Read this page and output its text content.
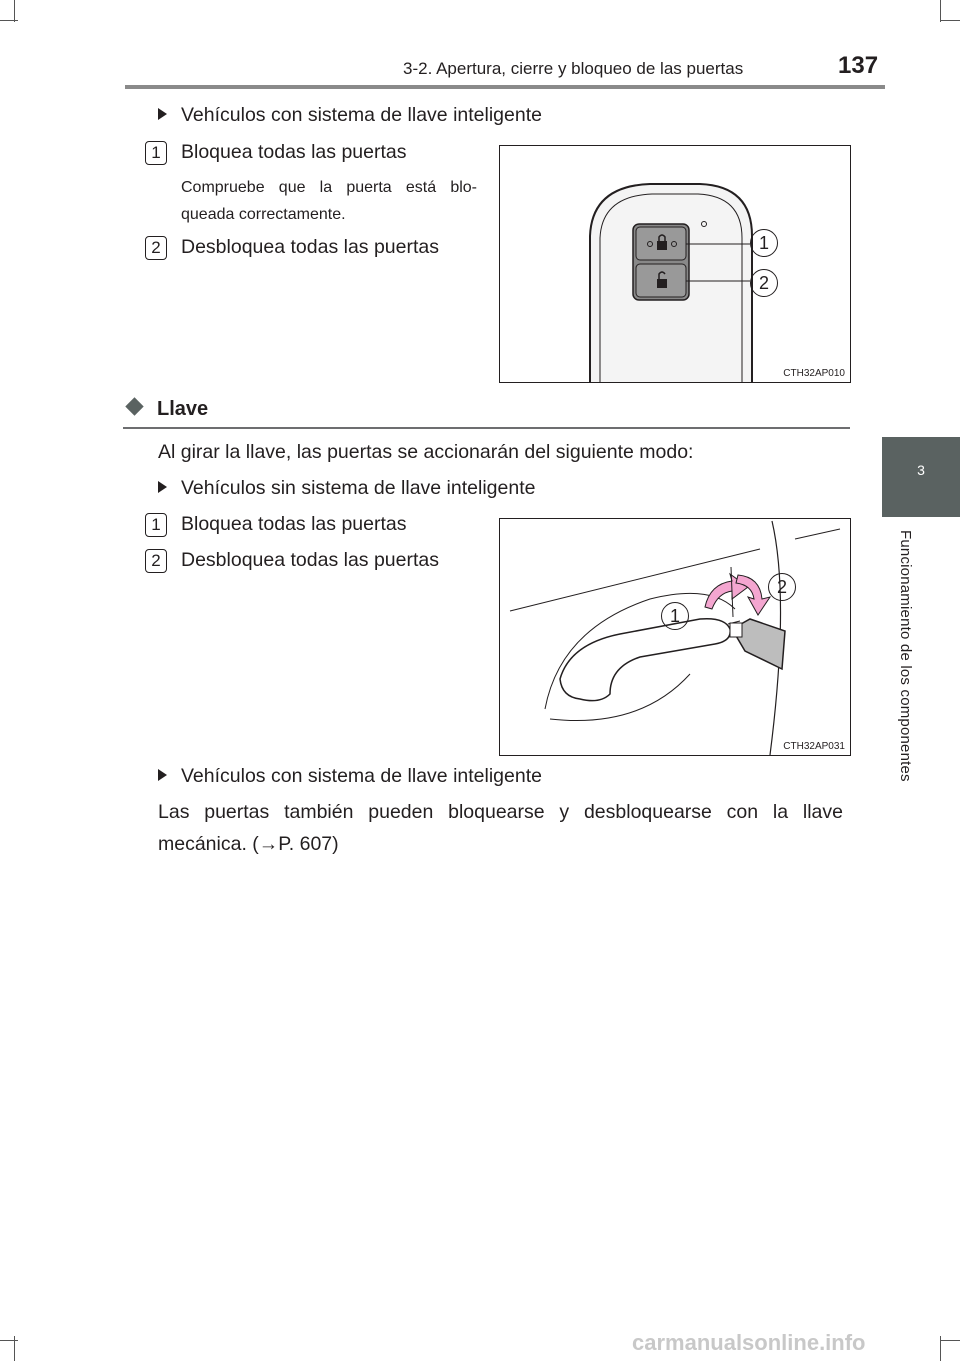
3-2. Apertura, cierre y bloqueo de las puertas	137
3
Funcionamiento de los componentes
Vehículos con sistema de llave inteligente
1 Bloquea todas las puertas
Compruebe que la puerta está blo-queada correctamente.
2 Desbloquea todas las puertas	1
2
CTH32AP010
Llave
Al girar la llave, las puertas se accionarán del siguiente modo:
Vehículos sin sistema de llave inteligente
1 Bloquea todas las puertas
2 Desbloquea todas las puertas
1
2
CTH32AP031
Vehículos con sistema de llave inteligente
Las puertas también pueden bloquearse y desbloquearse con la llave mecánica. (→P. 607)
carmanualsonline.info
